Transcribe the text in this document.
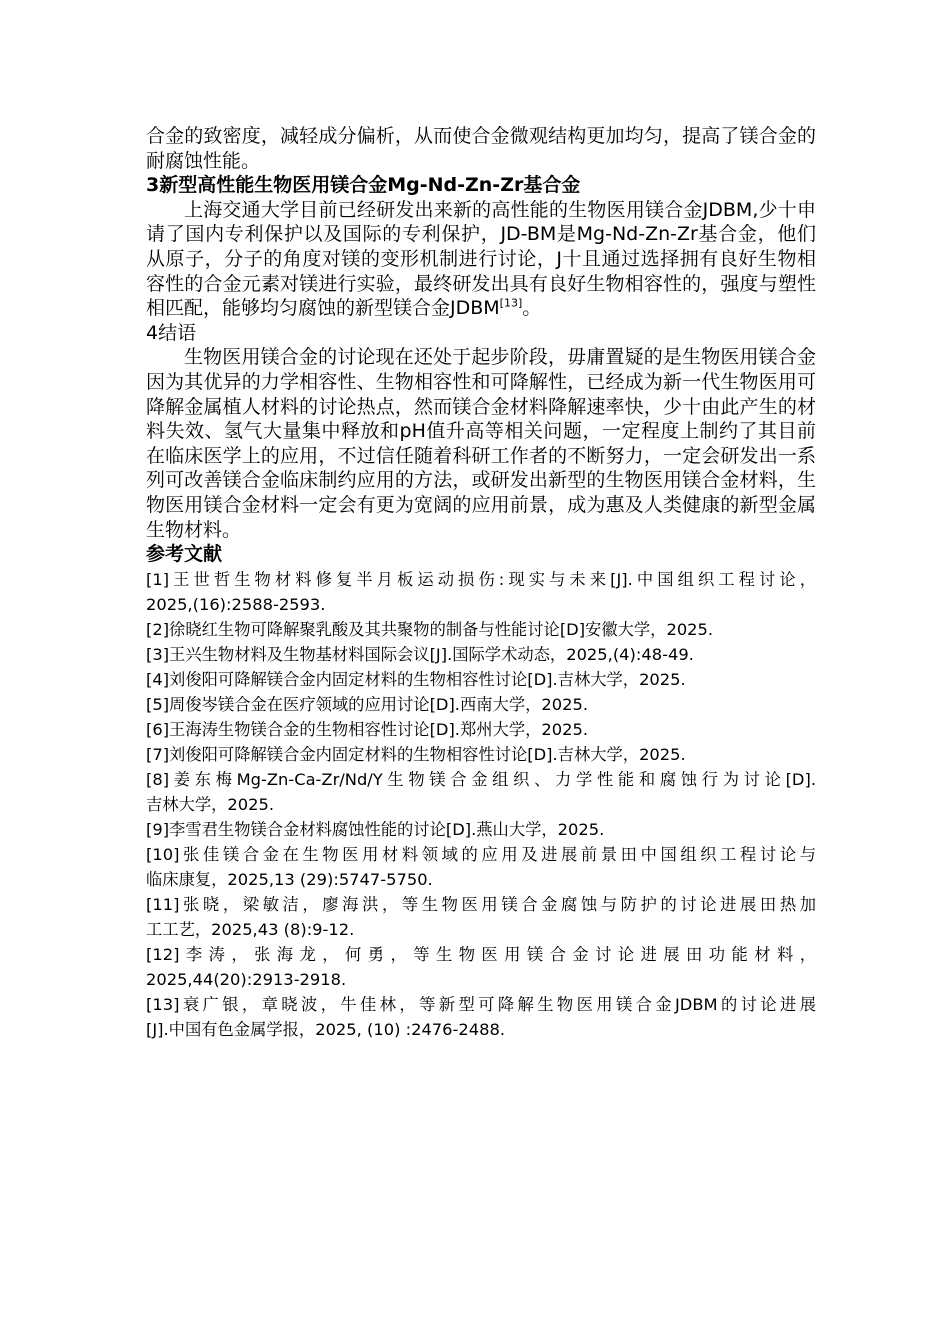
合金的致密度，减轻成分偏析，从而使合金微观结构更加均匀，提高了镁合金的耐腐蚀性能。

3新型高性能生物医用镁合金Mg-Nd-Zn-Zr基合金

上海交通大学目前已经研发出来新的高性能的生物医用镁合金JDBM,少十申请了国内专利保护以及国际的专利保护，JD-BM是Mg-Nd-Zn-Zr基合金，他们从原子，分子的角度对镁的变形机制进行讨论，J十且通过选择拥有良好生物相容性的合金元素对镁进行实验，最终研发出具有良好生物相容性的，强度与塑性相匹配，能够均匀腐蚀的新型镁合金JDBM[13]。

4结语

生物医用镁合金的讨论现在还处于起步阶段，毋庸置疑的是生物医用镁合金因为其优异的力学相容性、生物相容性和可降解性，已经成为新一代生物医用可降解金属植人材料的讨论热点，然而镁合金材料降解速率快，少十由此产生的材料失效、氢气大量集中释放和pH值升高等相关问题，一定程度上制约了其目前在临床医学上的应用，不过信任随着科研工作者的不断努力，一定会研发出一系列可改善镁合金临床制约应用的方法，或研发出新型的生物医用镁合金材料，生物医用镁合金材料一定会有更为宽阔的应用前景，成为惠及人类健康的新型金属生物材料。

参考文献

[1]王世哲生物材料修复半月板运动损伤:现实与未来[J].中国组织工程讨论，

2025,(16):2588-2593.

[2]徐晓红生物可降解聚乳酸及其共聚物的制备与性能讨论[D]安徽大学，2025.

[3]王兴生物材料及生物基材料国际会议[J].国际学术动态，2025,(4):48-49.

[4]刘俊阳可降解镁合金内固定材料的生物相容性讨论[D].吉林大学，2025.

[5]周俊岑镁合金在医疗领域的应用讨论[D].西南大学，2025.

[6]王海涛生物镁合金的生物相容性讨论[D].郑州大学，2025.

[7]刘俊阳可降解镁合金内固定材料的生物相容性讨论[D].吉林大学，2025.

[8]姜东梅Mg-Zn-Ca-Zr/Nd/Y生物镁合金组织、力学性能和腐蚀行为讨论[D].

吉林大学，2025.

[9]李雪君生物镁合金材料腐蚀性能的讨论[D].燕山大学，2025.

[10]张佳镁合金在生物医用材料领域的应用及进展前景田中国组织工程讨论与

临床康复，2025,13 (29):5747-5750.

[11]张晓，梁敏洁，廖海洪，等生物医用镁合金腐蚀与防护的讨论进展田热加

工工艺，2025,43 (8):9-12.

[12]李涛，张海龙，何勇，等生物医用镁合金讨论进展田功能材料，

2025,44(20):2913-2918.

[13]衰广银，章晓波，牛佳林，等新型可降解生物医用镁合金JDBM的讨论进展

[J].中国有色金属学报，2025, (10) :2476-2488.
